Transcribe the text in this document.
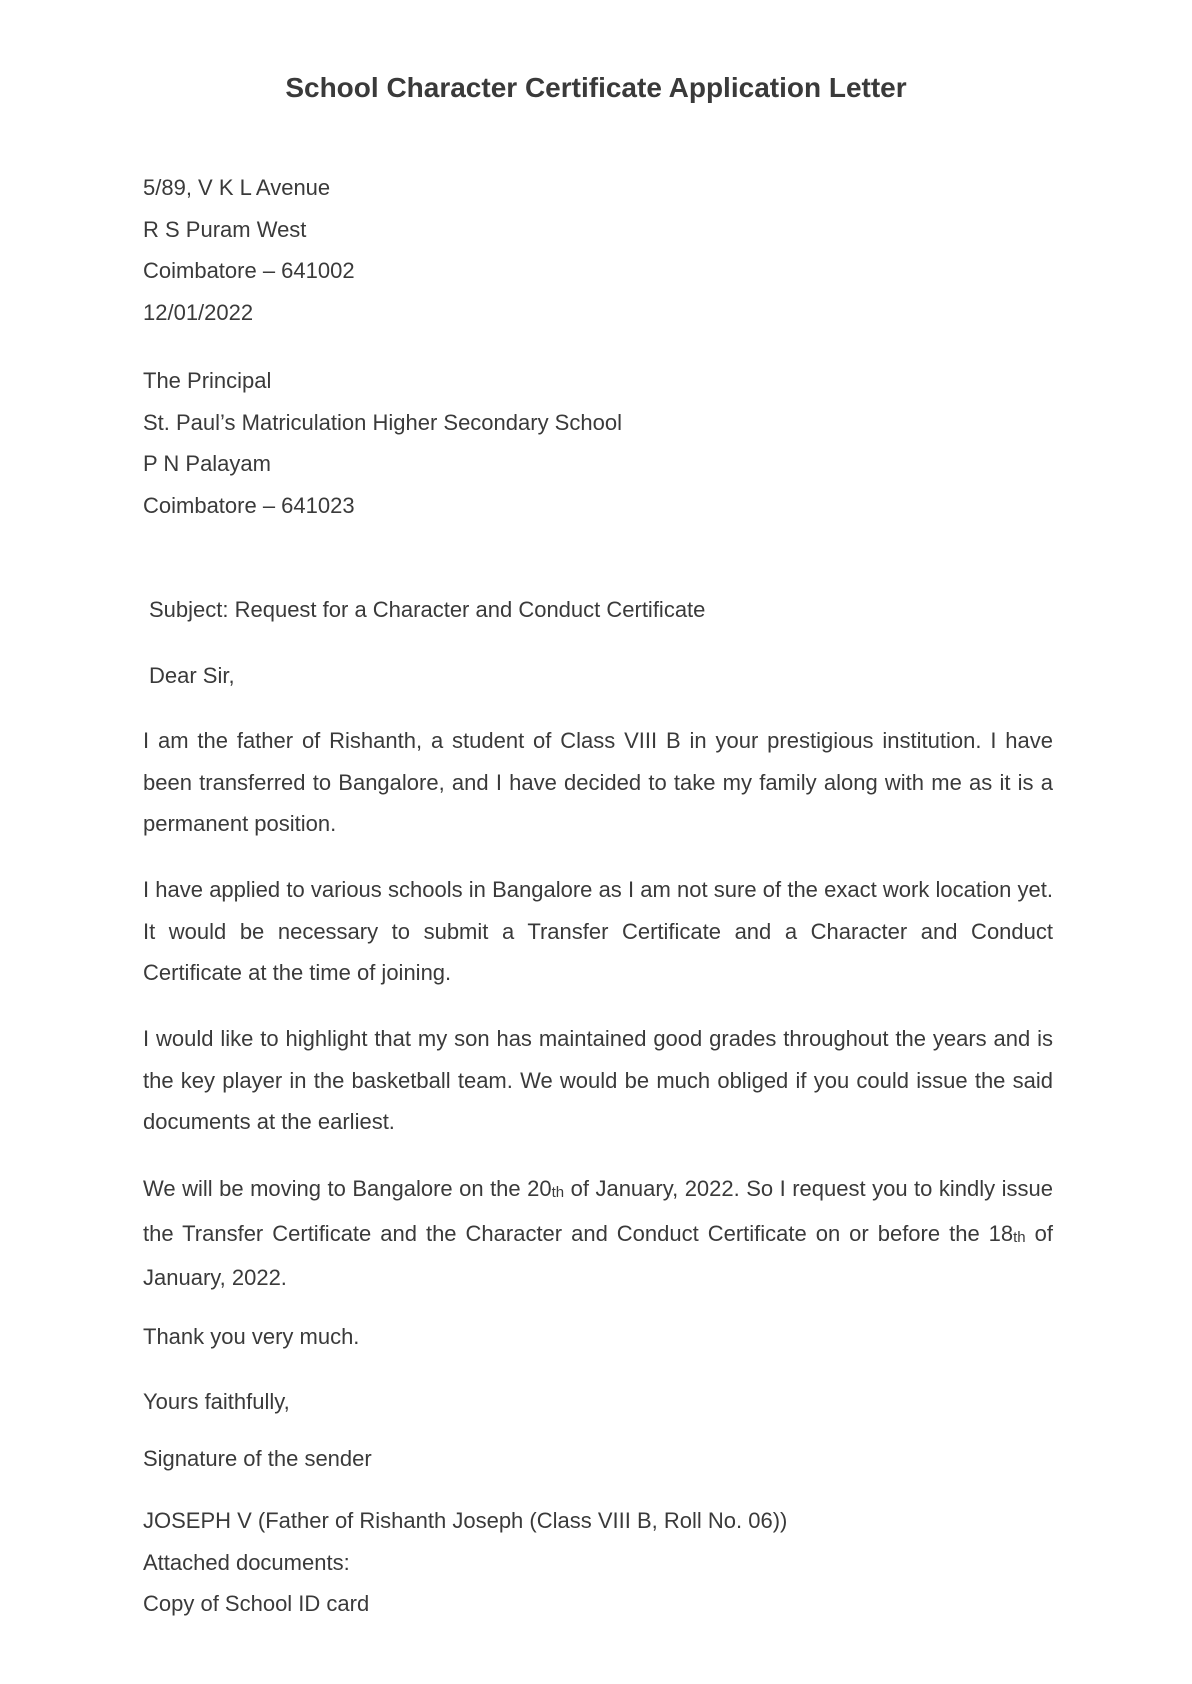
School Character Certificate Application Letter
5/89, V K L Avenue
R S Puram West
Coimbatore – 641002
12/01/2022
The Principal
St. Paul’s Matriculation Higher Secondary School
P N Palayam
Coimbatore – 641023

Subject: Request for a Character and Conduct Certificate

Dear Sir,

I am the father of Rishanth, a student of Class VIII B in your prestigious institution. I have been transferred to Bangalore, and I have decided to take my family along with me as it is a permanent position.

I have applied to various schools in Bangalore as I am not sure of the exact work location yet. It would be necessary to submit a Transfer Certificate and a Character and Conduct Certificate at the time of joining.

I would like to highlight that my son has maintained good grades throughout the years and is the key player in the basketball team. We would be much obliged if you could issue the said documents at the earliest.

We will be moving to Bangalore on the 20th of January, 2022. So I request you to kindly issue the Transfer Certificate and the Character and Conduct Certificate on or before the 18th of January, 2022.

Thank you very much.

Yours faithfully,

Signature of the sender

JOSEPH V (Father of Rishanth Joseph (Class VIII B, Roll No. 06))
Attached documents:
Copy of School ID card
